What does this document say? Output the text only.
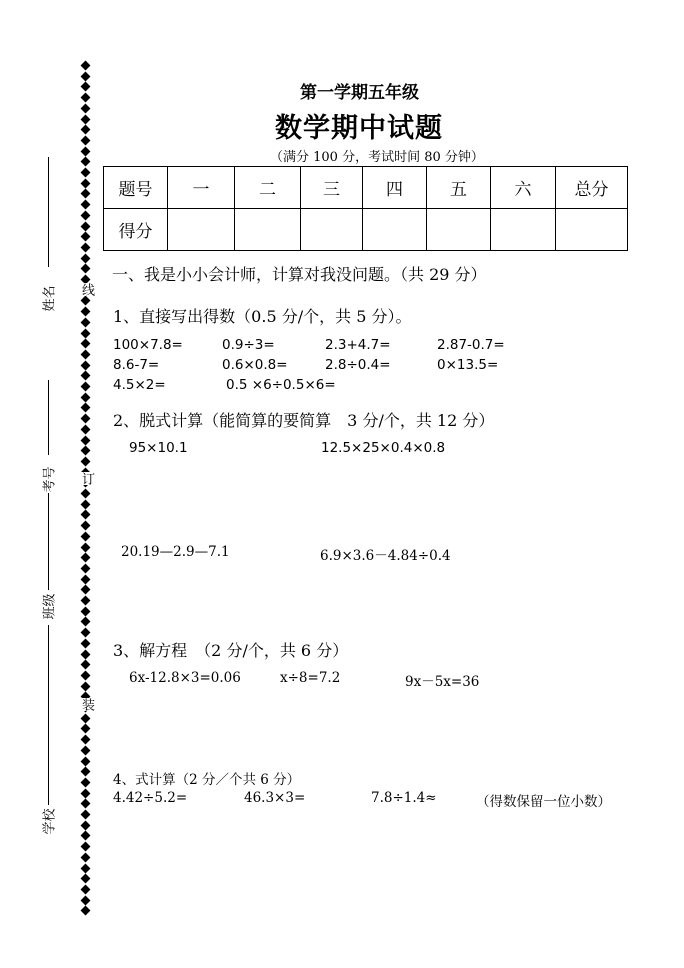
线
订
装
姓名
考号
班级
学校
第一学期五年级
数学期中试题
（满分 100 分，考试时间 80 分钟）
题号	一	二	三	四	五	六	总分
得分							
一、我是小小会计师，计算对我没问题。（共 29 分）
1、直接写出得数（0.5 分/个，共 5 分）。
100×7.8=	0.9÷3=	2.3+4.7=	2.87-0.7=
8.6-7=	0.6×0.8=	2.8÷0.4=	0×13.5=
4.5×2=	0.5 ×6÷0.5×6=
2、脱式计算（能简算的要简算　3 分/个，共 12 分）
95×10.1	12.5×25×0.4×0.8
20.19—2.9—7.1	6.9×3.6－4.84÷0.4
3、解方程　（2 分/个，共 6 分）
6x-12.8×3=0.06	x÷8=7.2	9x－5x=36
4、式计算（2 分／个共 6 分）
4.42÷5.2=	46.3×3=	7.8÷1.4≈	（得数保留一位小数）
